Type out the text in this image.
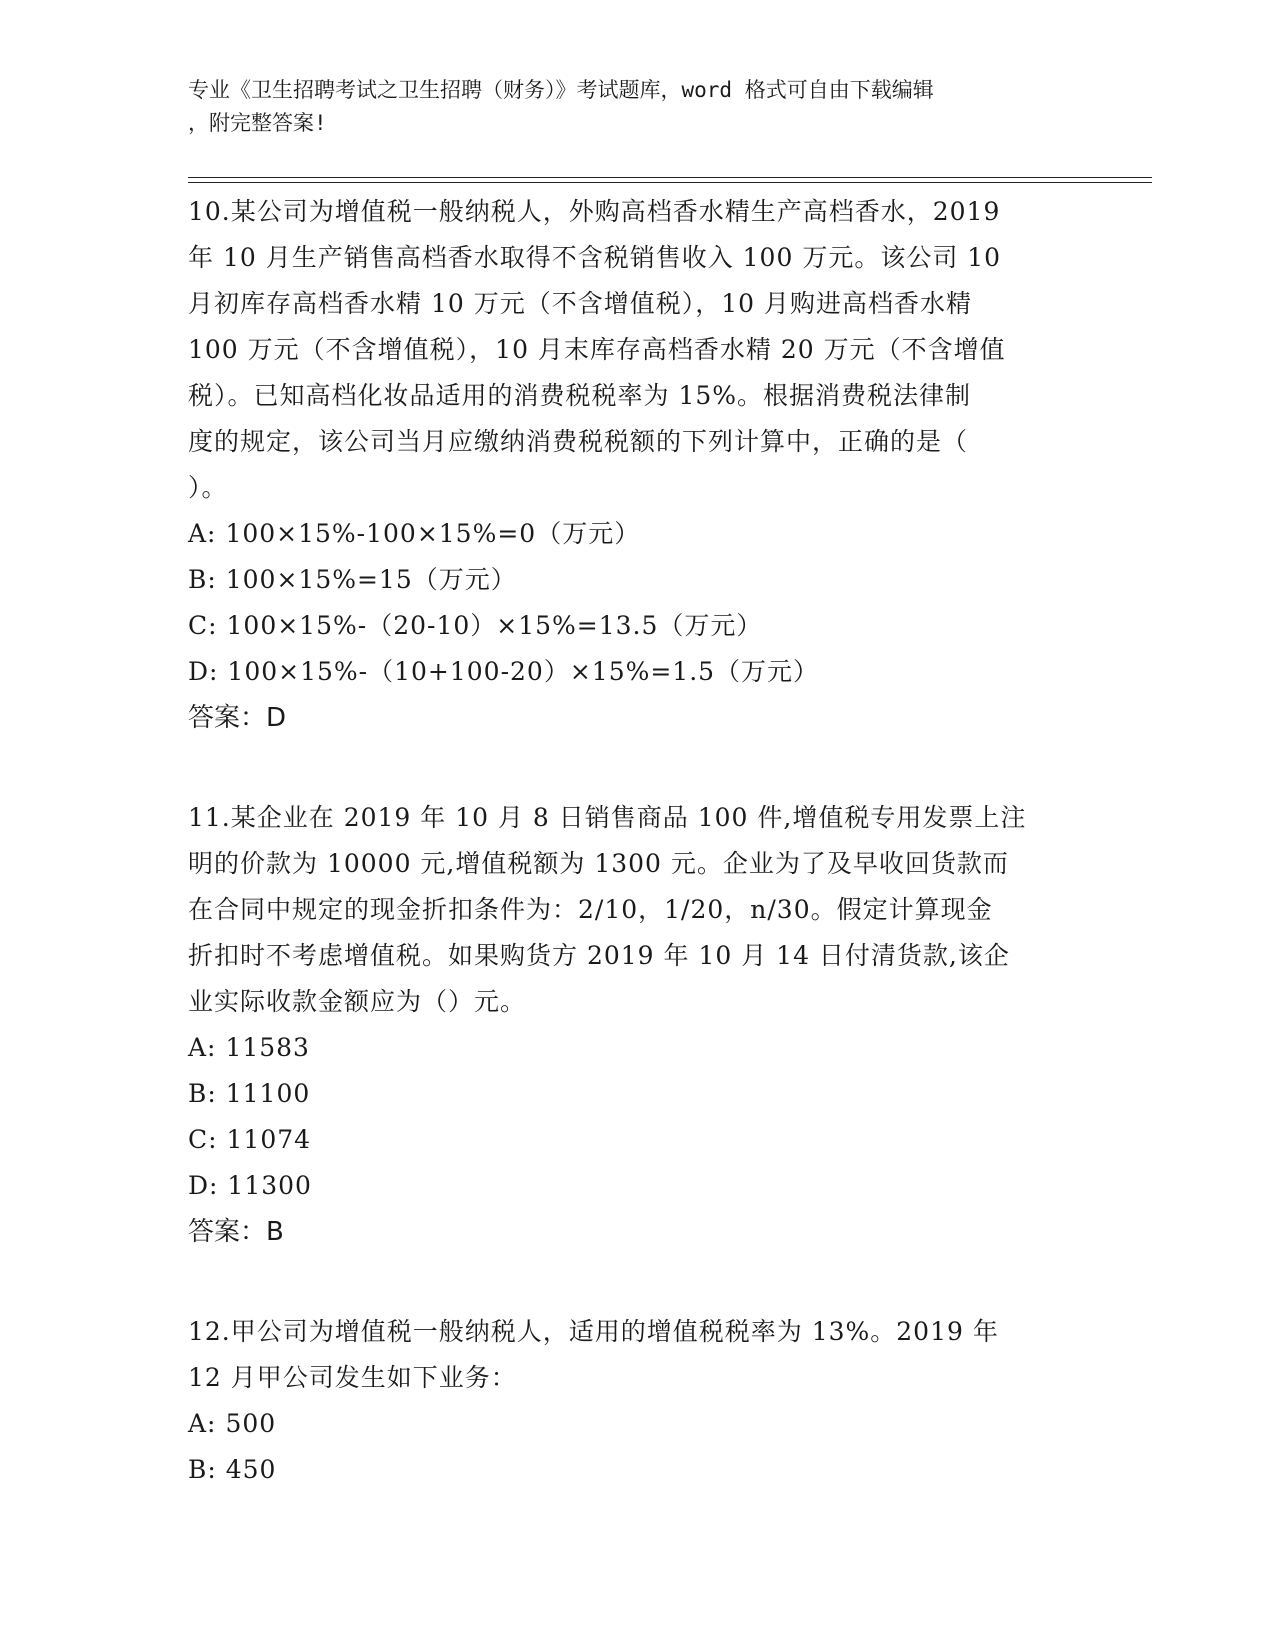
专业《卫生招聘考试之卫生招聘（财务）》考试题库，word 格式可自由下载编辑
，附完整答案!

10.某公司为增值税一般纳税人，外购高档香水精生产高档香水，2019
年 10 月生产销售高档香水取得不含税销售收入 100 万元。该公司 10
月初库存高档香水精 10 万元（不含增值税），10 月购进高档香水精
100 万元（不含增值税），10 月末库存高档香水精 20 万元（不含增值
税）。已知高档化妆品适用的消费税税率为 15%。根据消费税法律制
度的规定，该公司当月应缴纳消费税税额的下列计算中，正确的是（
）。

A: 100×15%-100×15%=0（万元）

B: 100×15%=15（万元）

C: 100×15%-（20-10）×15%=13.5（万元）

D: 100×15%-（10+100-20）×15%=1.5（万元）

答案：D

11.某企业在 2019 年 10 月 8 日销售商品 100 件,增值税专用发票上注
明的价款为 10000 元,增值税额为 1300 元。企业为了及早收回货款而
在合同中规定的现金折扣条件为：2/10，1/20，n/30。假定计算现金
折扣时不考虑增值税。如果购货方 2019 年 10 月 14 日付清货款,该企
业实际收款金额应为（）元。

A: 11583

B: 11100

C: 11074

D: 11300

答案：B

12.甲公司为增值税一般纳税人，适用的增值税税率为 13%。2019 年
12 月甲公司发生如下业务：

A: 500

B: 450
